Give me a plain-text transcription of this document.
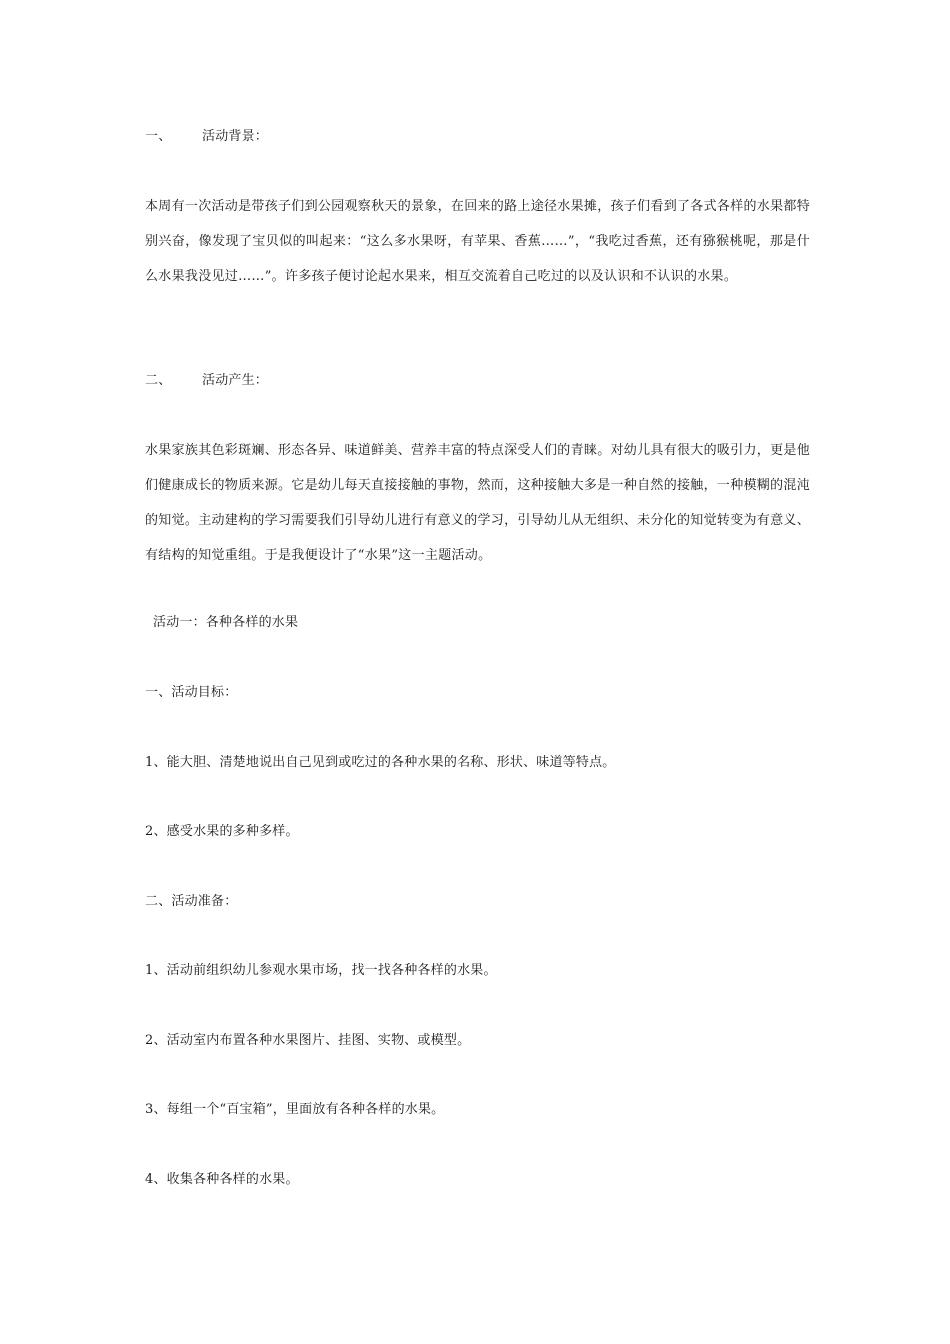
一、 活动背景：
本周有一次活动是带孩子们到公园观察秋天的景象，在回来的路上途径水果摊，孩子们看到了各式各样的水果都特别兴奋，像发现了宝贝似的叫起来：“这么多水果呀，有苹果、香蕉……”，“我吃过香蕉，还有猕猴桃呢，那是什么水果我没见过……”。许多孩子便讨论起水果来，相互交流着自己吃过的以及认识和不认识的水果。
二、 活动产生：
水果家族其色彩斑斓、形态各异、味道鲜美、营养丰富的特点深受人们的青睐。对幼儿具有很大的吸引力，更是他们健康成长的物质来源。它是幼儿每天直接接触的事物，然而，这种接触大多是一种自然的接触，一种模糊的混沌的知觉。主动建构的学习需要我们引导幼儿进行有意义的学习，引导幼儿从无组织、未分化的知觉转变为有意义、有结构的知觉重组。于是我便设计了“水果”这一主题活动。
活动一：各种各样的水果
一、活动目标：
1、能大胆、清楚地说出自己见到或吃过的各种水果的名称、形状、味道等特点。
2、感受水果的多种多样。
二、活动准备：
1、活动前组织幼儿参观水果市场，找一找各种各样的水果。
2、活动室内布置各种水果图片、挂图、实物、或模型。
3、每组一个“百宝箱”，里面放有各种各样的水果。
4、收集各种各样的水果。
